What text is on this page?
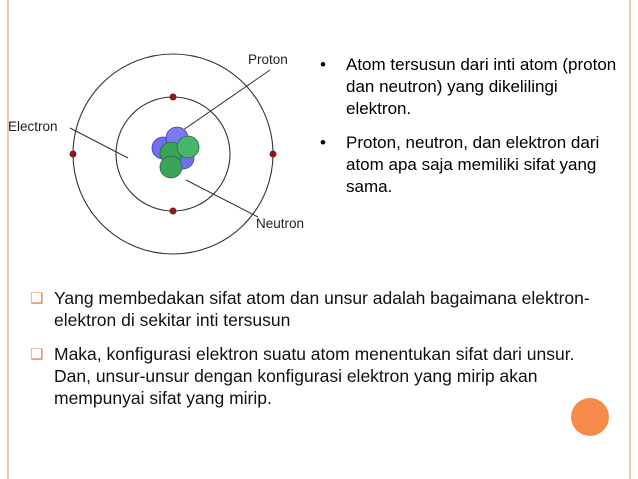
Proton
Electron
Neutron
• Atom tersusun dari inti atom (proton dan neutron) yang dikelilingi elektron.
• Proton, neutron, dan elektron dari atom apa saja memiliki sifat yang sama.
❑ Yang membedakan sifat atom dan unsur adalah bagaimana elektron-elektron di sekitar inti tersusun
❑ Maka, konfigurasi elektron suatu atom menentukan sifat dari unsur. Dan, unsur-unsur dengan konfigurasi elektron yang mirip akan mempunyai sifat yang mirip.
